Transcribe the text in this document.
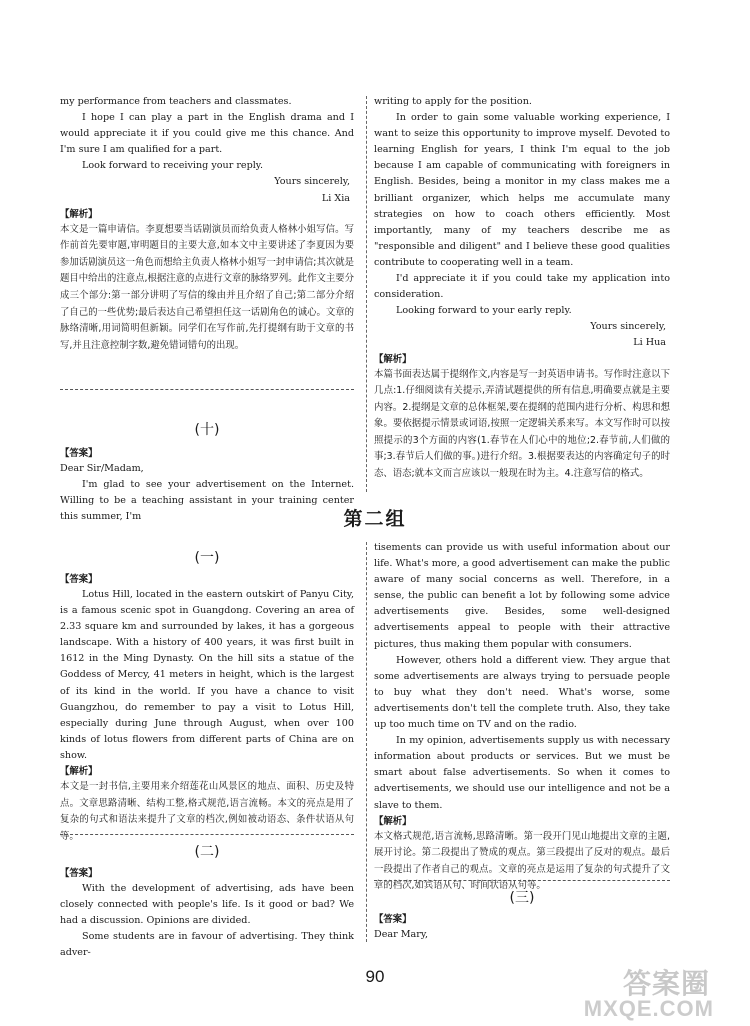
my performance from teachers and classmates.

I hope I can play a part in the English drama and I would appreciate it if you could give me this chance. And I'm sure I am qualified for a part.

Look forward to receiving your reply.

Yours sincerely,

Li Xia

【解析】

本文是一篇申请信。李夏想要当话剧演员而给负责人格林小姐写信。写作前首先要审题,审明题目的主要大意,如本文中主要讲述了李夏因为要参加话剧演员这一角色而想给主负责人格林小姐写一封申请信;其次就是题目中给出的注意点,根据注意的点进行文章的脉络罗列。此作文主要分成三个部分:第一部分讲明了写信的缘由并且介绍了自己;第二部分介绍了自己的一些优势;最后表达自己希望担任这一话剧角色的诚心。文章的脉络清晰,用词简明但新颖。同学们在写作前,先打提纲有助于文章的书写,并且注意控制字数,避免错词错句的出现。

(十)
【答案】

Dear Sir/Madam,

I'm glad to see your advertisement on the Internet. Willing to be a teaching assistant in your training center this summer, I'm

writing to apply for the position.

In order to gain some valuable working experience, I want to seize this opportunity to improve myself. Devoted to learning English for years, I think I'm equal to the job because I am capable of communicating with foreigners in English. Besides, being a monitor in my class makes me a brilliant organizer, which helps me accumulate many strategies on how to coach others efficiently. Most importantly, many of my teachers describe me as "responsible and diligent" and I believe these good qualities contribute to cooperating well in a team.

I'd appreciate it if you could take my application into consideration.

Looking forward to your early reply.

Yours sincerely,

Li Hua

【解析】

本篇书面表达属于提纲作文,内容是写一封英语申请书。写作时注意以下几点:1.仔细阅读有关提示,弄清试题提供的所有信息,明确要点就是主要内容。2.提纲是文章的总体框架,要在提纲的范围内进行分析、构思和想象。要依据提示情景或词语,按照一定逻辑关系来写。本文写作时可以按照提示的3个方面的内容(1.春节在人们心中的地位;2.春节前,人们做的事;3.春节后人们做的事。)进行介绍。3.根据要表达的内容确定句子的时态、语态;就本文而言应该以一般现在时为主。4.注意写信的格式。

第二组
(一)
【答案】

Lotus Hill, located in the eastern outskirt of Panyu City, is a famous scenic spot in Guangdong. Covering an area of 2.33 square km and surrounded by lakes, it has a gorgeous landscape. With a history of 400 years, it was first built in 1612 in the Ming Dynasty. On the hill sits a statue of the Goddess of Mercy, 41 meters in height, which is the largest of its kind in the world. If you have a chance to visit Guangzhou, do remember to pay a visit to Lotus Hill, especially during June through August, when over 100 kinds of lotus flowers from different parts of China are on show.

【解析】

本文是一封书信,主要用来介绍莲花山风景区的地点、面积、历史及特点。文章思路清晰、结构工整,格式规范,语言流畅。本文的亮点是用了复杂的句式和语法来提升了文章的档次,例如被动语态、条件状语从句等。

(二)
【答案】

With the development of advertising, ads have been closely connected with people's life. Is it good or bad? We had a discussion. Opinions are divided.

Some students are in favour of advertising. They think adver-

tisements can provide us with useful information about our life. What's more, a good advertisement can make the public aware of many social concerns as well. Therefore, in a sense, the public can benefit a lot by following some advice advertisements give. Besides, some well-designed advertisements appeal to people with their attractive pictures, thus making them popular with consumers.

However, others hold a different view. They argue that some advertisements are always trying to persuade people to buy what they don't need. What's worse, some advertisements don't tell the complete truth. Also, they take up too much time on TV and on the radio.

In my opinion, advertisements supply us with necessary information about products or services. But we must be smart about false advertisements. So when it comes to advertisements, we should use our intelligence and not be a slave to them.

【解析】

本文格式规范,语言流畅,思路清晰。第一段开门见山地提出文章的主题,展开讨论。第二段提出了赞成的观点。第三段提出了反对的观点。最后一段提出了作者自己的观点。文章的亮点是运用了复杂的句式提升了文章的档次,如宾语从句、时间状语从句等。

(三)
【答案】

Dear Mary,

90	答案圈
MXQE.COM
